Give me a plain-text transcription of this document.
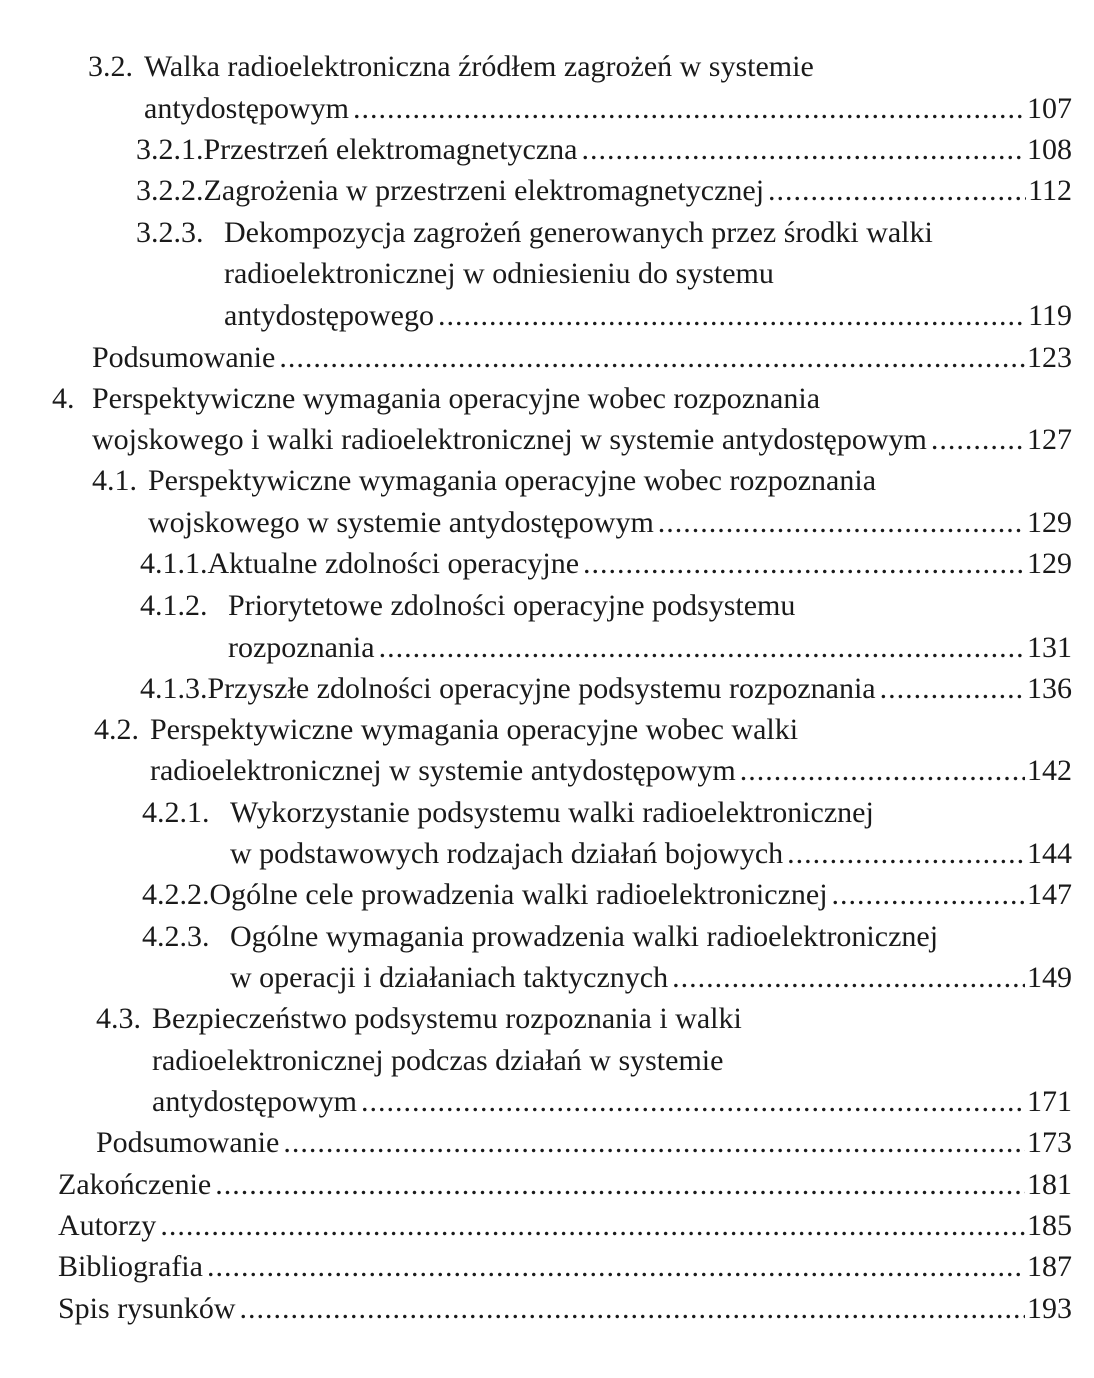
3.2. Walka radioelektroniczna źródłem zagrożeń w systemie
antydostępowym .....	107
3.2.1. Przestrzeń elektromagnetyczna .....	108
3.2.2. Zagrożenia w przestrzeni elektromagnetycznej .....	112
3.2.3. Dekompozycja zagrożeń generowanych przez środki walki
radioelektronicznej w odniesieniu do systemu
antydostępowego .....	119
Podsumowanie .....	123
4. Perspektywiczne wymagania operacyjne wobec rozpoznania
wojskowego i walki radioelektronicznej w systemie antydostępowym .....	127
4.1. Perspektywiczne wymagania operacyjne wobec rozpoznania
wojskowego w systemie antydostępowym .....	129
4.1.1. Aktualne zdolności operacyjne .....	129
4.1.2. Priorytetowe zdolności operacyjne podsystemu
rozpoznania .....	131
4.1.3. Przyszłe zdolności operacyjne podsystemu rozpoznania .....	136
4.2. Perspektywiczne wymagania operacyjne wobec walki
radioelektronicznej w systemie antydostępowym .....	142
4.2.1. Wykorzystanie podsystemu walki radioelektronicznej
w podstawowych rodzajach działań bojowych .....	144
4.2.2. Ogólne cele prowadzenia walki radioelektronicznej .....	147
4.2.3. Ogólne wymagania prowadzenia walki radioelektronicznej
w operacji i działaniach taktycznych .....	149
4.3. Bezpieczeństwo podsystemu rozpoznania i walki
radioelektronicznej podczas działań w systemie
antydostępowym .....	171
Podsumowanie .....	173
Zakończenie .....	181
Autorzy .....	185
Bibliografia .....	187
Spis rysunków .....	193
